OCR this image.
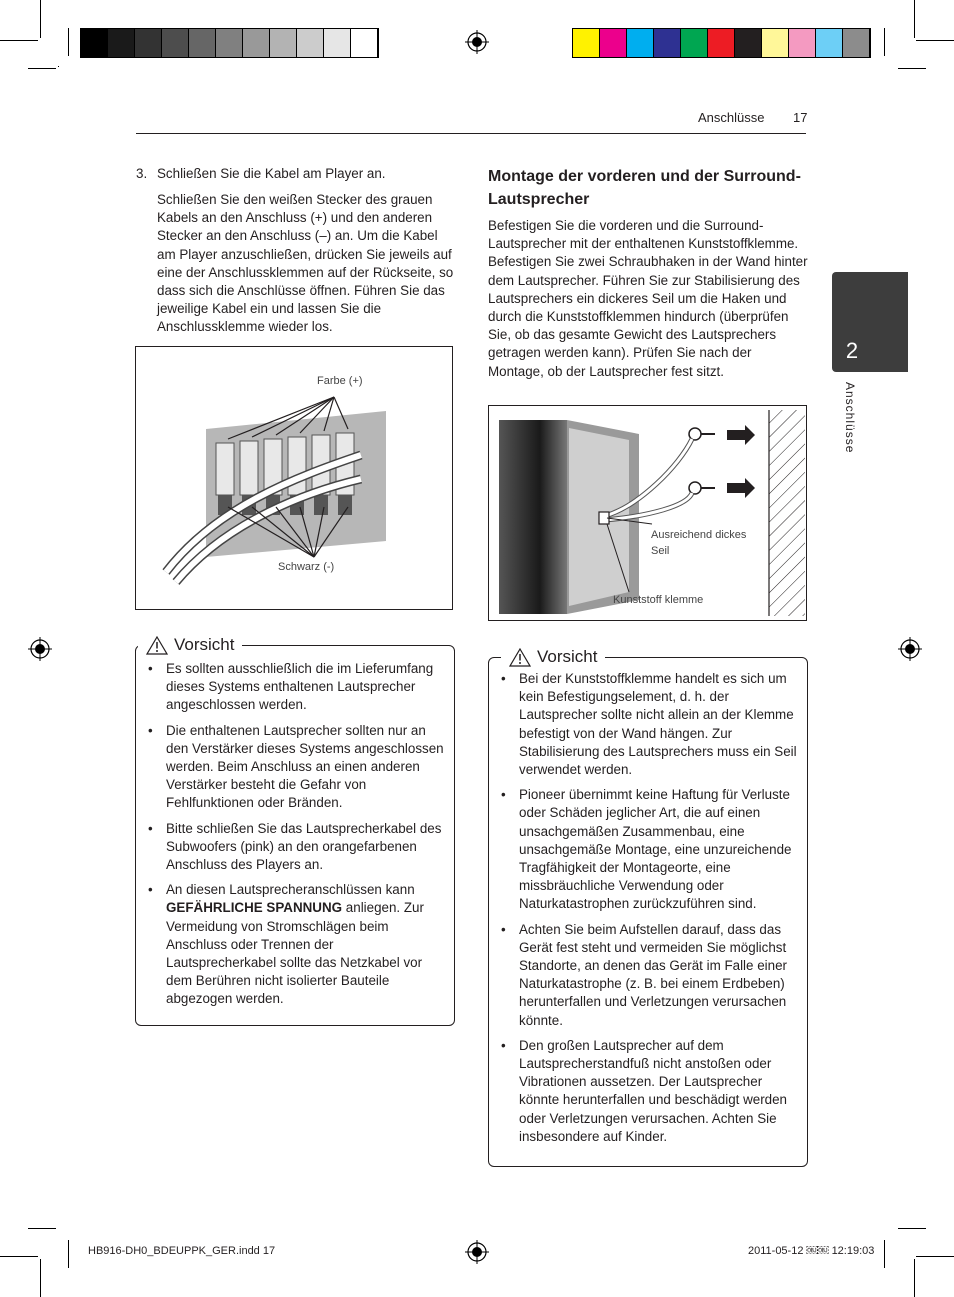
Anschlüsse 17
2
Anschlüsse
3. Schließen Sie die Kabel am Player an.
Schließen Sie den weißen Stecker des grauen Kabels an den Anschluss (+) und den anderen Stecker an den Anschluss (–) an. Um die Kabel am Player anzuschließen, drücken Sie jeweils auf eine der Anschlussklemmen auf der Rückseite, so dass sich die Anschlüsse öffnen. Führen Sie das jeweilige Kabel ein und lassen Sie die Anschlussklemme wieder los.
Farbe (+)
Schwarz (-)
Vorsicht
• Es sollten ausschließlich die im Lieferumfang dieses Systems enthaltenen Lautsprecher angeschlossen werden.
• Die enthaltenen Lautsprecher sollten nur an den Verstärker dieses Systems angeschlossen werden. Beim Anschluss an einen anderen Verstärker besteht die Gefahr von Fehlfunktionen oder Bränden.
• Bitte schließen Sie das Lautsprecherkabel des Subwoofers (pink) an den orangefarbenen Anschluss des Players an.
• An diesen Lautsprecheranschlüssen kann GEFÄHRLICHE SPANNUNG anliegen. Zur Vermeidung von Stromschlägen beim Anschluss oder Trennen der Lautsprecherkabel sollte das Netzkabel vor dem Berühren nicht isolierter Bauteile abgezogen werden.
Montage der vorderen und der Surround-Lautsprecher
Befestigen Sie die vorderen und die Surround-Lautsprecher mit der enthaltenen Kunststoffklemme. Befestigen Sie zwei Schraubhaken in der Wand hinter dem Lautsprecher. Führen Sie zur Stabilisierung des Lautsprechers ein dickeres Seil um die Haken und durch die Kunststoffklemmen hindurch (überprüfen Sie, ob das gesamte Gewicht des Lautsprechers getragen werden kann). Prüfen Sie nach der Montage, ob der Lautsprecher fest sitzt.
Ausreichend dickes
Seil
Kunststoff klemme
Vorsicht
• Bei der Kunststoffklemme handelt es sich um kein Befestigungselement, d. h. der Lautsprecher sollte nicht allein an der Klemme befestigt von der Wand hängen. Zur Stabilisierung des Lautsprechers muss ein Seil verwendet werden.
• Pioneer übernimmt keine Haftung für Verluste oder Schäden jeglicher Art, die auf einen unsachgemäßen Zusammenbau, eine unsachgemäße Montage, eine unzureichende Tragfähigkeit der Montageorte, eine missbräuchliche Verwendung oder Naturkatastrophen zurückzuführen sind.
• Achten Sie beim Aufstellen darauf, dass das Gerät fest steht und vermeiden Sie möglichst Standorte, an denen das Gerät im Falle einer Naturkatastrophe (z. B. bei einem Erdbeben) herunterfallen und Verletzungen verursachen könnte.
• Den großen Lautsprecher auf dem Lautsprecherstandfuß nicht anstoßen oder Vibrationen aussetzen. Der Lautsprecher könnte herunterfallen und beschädigt werden oder Verletzungen verursachen. Achten Sie insbesondere auf Kinder.
HB916-DH0_BDEUPPK_GER.indd 17	2011-05-12 ￼￼ 12:19:03
